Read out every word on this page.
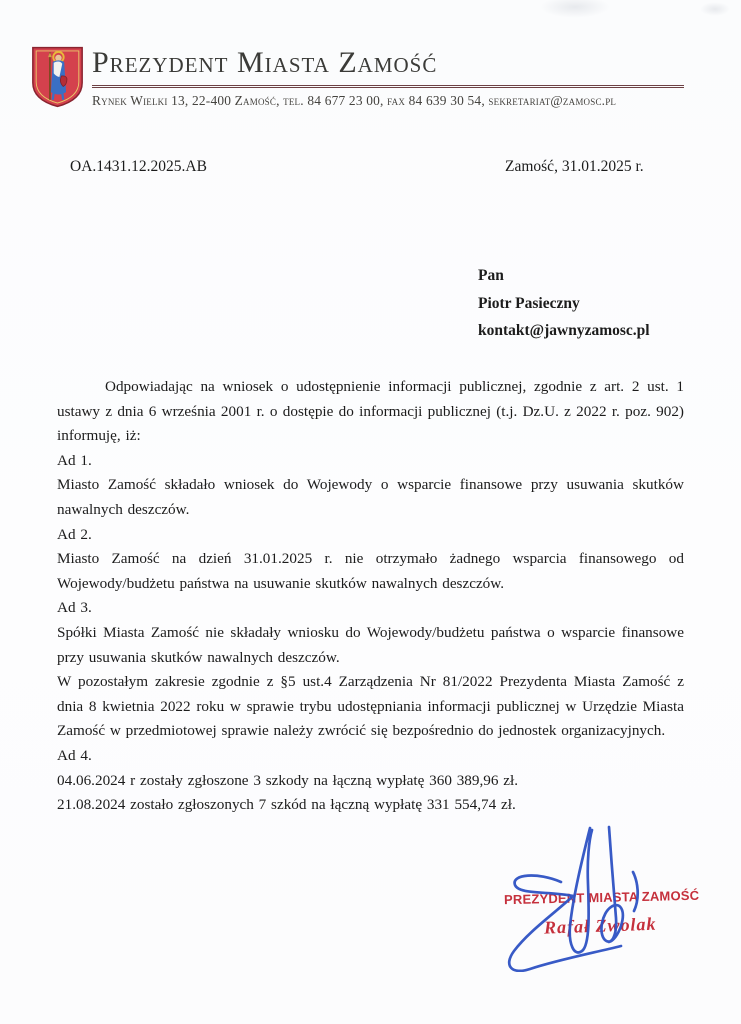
Prezydent Miasta Zamość
Rynek Wielki 13, 22-400 Zamość, tel. 84 677 23 00, fax 84 639 30 54, sekretariat@zamosc.pl
OA.1431.12.2025.AB	Zamość, 31.01.2025 r.
Pan
Piotr Pasieczny
kontakt@jawnyzamosc.pl

Odpowiadając na wniosek o udostępnienie informacji publicznej, zgodnie z art. 2 ust. 1 ustawy z dnia 6 września 2001 r. o dostępie do informacji publicznej (t.j. Dz.U. z 2022 r. poz. 902) informuję, iż:

Ad 1.

Miasto Zamość składało wniosek do Wojewody o wsparcie finansowe przy usuwania skutków nawalnych deszczów.

Ad 2.

Miasto Zamość na dzień 31.01.2025 r. nie otrzymało żadnego wsparcia finansowego od Wojewody/budżetu państwa na usuwanie skutków nawalnych deszczów.

Ad 3.

Spółki Miasta Zamość nie składały wniosku do Wojewody/budżetu państwa o wsparcie finansowe przy usuwania skutków nawalnych deszczów.

W pozostałym zakresie zgodnie z §5 ust.4 Zarządzenia Nr 81/2022 Prezydenta Miasta Zamość z dnia 8 kwietnia 2022 roku w sprawie trybu udostępniania informacji publicznej w Urzędzie Miasta Zamość w przedmiotowej sprawie należy zwrócić się bezpośrednio do jednostek organizacyjnych.

Ad 4.

04.06.2024 r zostały zgłoszone 3 szkody na łączną wypłatę 360 389,96 zł.

21.08.2024 zostało zgłoszonych 7 szkód na łączną wypłatę 331 554,74 zł.

PREZYDENT MIASTA ZAMOŚĆ
Rafał Zwolak
